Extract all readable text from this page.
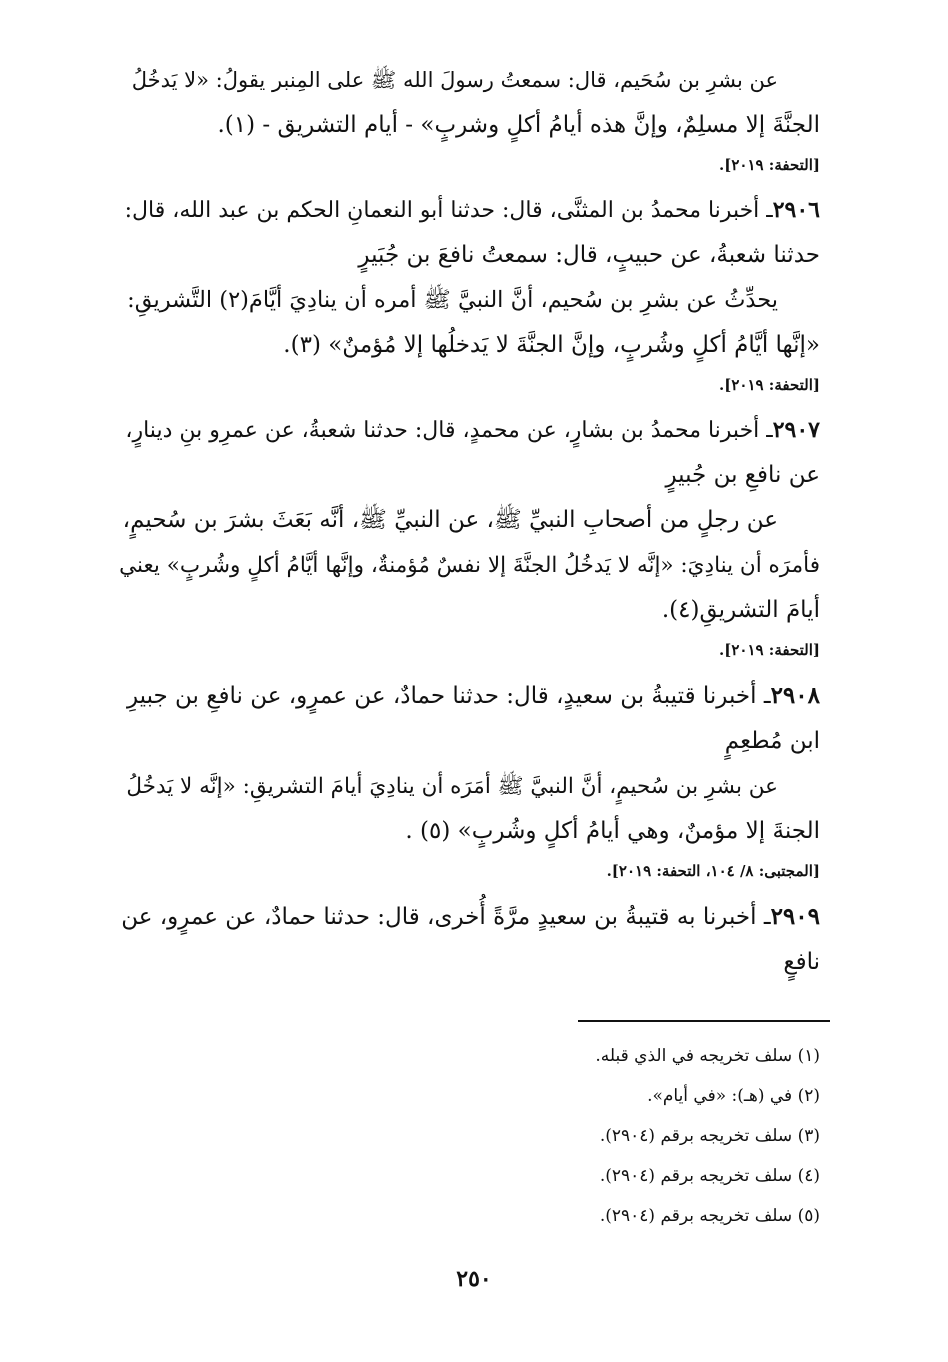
عن بشرِ بن سُحَيم، قال: سمعتُ رسولَ الله ﷺ على المِنبر يقولُ: «لا يَدخُلُ
الجنَّةَ إلا مسلِمٌ، وإنَّ هذه أيامُ أكلٍ وشربٍ» - أيام التشريق - (١).
[التحفة: ٢٠١٩].
٢٩٠٦ـ أخبرنا محمدُ بن المثنَّى، قال: حدثنا أبو النعمانِ الحكم بن عبد الله، قال:
حدثنا شعبةُ، عن حبيبٍ، قال: سمعتُ نافعَ بن جُبَيرٍ
يحدِّثُ عن بشرِ بن سُحيم، أنَّ النبيَّ ﷺ أمره أن ينادِيَ أيَّامَ(٢) التَّشريقِ:
«إنَّها أيَّامُ أكلٍ وشُربٍ، وإنَّ الجنَّةَ لا يَدخلُها إلا مُؤمنٌ» (٣).
[التحفة: ٢٠١٩].
٢٩٠٧ـ أخبرنا محمدُ بن بشارٍ، عن محمدٍ، قال: حدثنا شعبةُ، عن عمرِو بنِ دينارٍ،
عن نافعِ بن جُبيرٍ
عن رجلٍ من أصحابِ النبيِّ ﷺ، عن النبيِّ ﷺ، أنَّه بَعَثَ بشرَ بن سُحيمٍ،
فأمرَه أن ينادِيَ: «إنَّه لا يَدخُلُ الجنَّةَ إلا نفسٌ مُؤمنةٌ، وإنَّها أيَّامُ أكلٍ وشُربٍ» يعني
أيامَ التشريقِ(٤).
[التحفة: ٢٠١٩].
٢٩٠٨ـ أخبرنا قتيبةُ بن سعيدٍ، قال: حدثنا حمادٌ، عن عمرٍو، عن نافعِ بن جبيرِ
ابن مُطعِمٍ
عن بشرِ بن سُحيمٍ، أنَّ النبيَّ ﷺ أمَرَه أن ينادِيَ أيامَ التشريقِ: «إنَّه لا يَدخُلُ
الجنةَ إلا مؤمنٌ، وهي أيامُ أكلٍ وشُربٍ» (٥) .
[المجتبى: ٨/ ١٠٤، التحفة: ٢٠١٩].
٢٩٠٩ـ أخبرنا به قتيبةُ بن سعيدٍ مرَّةً أُخرى، قال: حدثنا حمادٌ، عن عمرٍو، عن
نافعٍ
(١) سلف تخريجه في الذي قبله.
(٢) في (هـ): «في أيام».
(٣) سلف تخريجه برقم (٢٩٠٤).
(٤) سلف تخريجه برقم (٢٩٠٤).
(٥) سلف تخريجه برقم (٢٩٠٤).
٢٥٠
